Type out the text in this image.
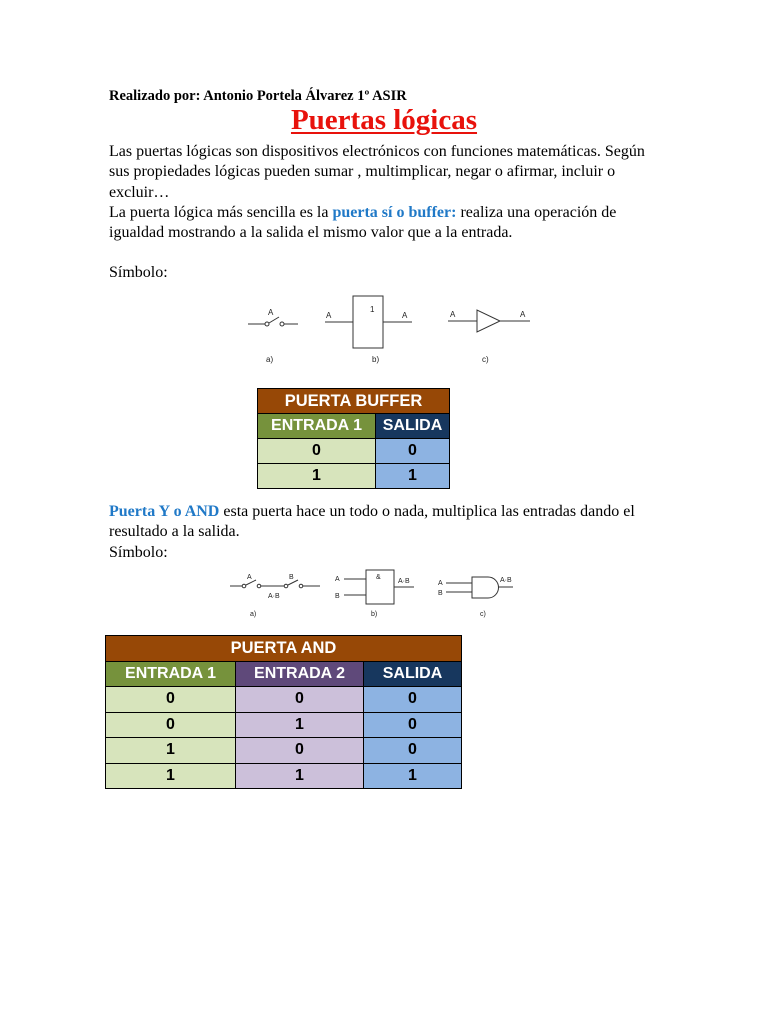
Realizado por: Antonio Portela Álvarez 1º ASIR
Puertas lógicas

Las puertas lógicas son dispositivos electrónicos con funciones matemáticas. Según sus propiedades lógicas pueden sumar , multimplicar, negar o afirmar, incluir o excluir…

La puerta lógica más sencilla es la puerta sí o buffer: realiza una operación de igualdad mostrando a la salida el mismo valor que a la entrada.

Símbolo:

A	A
1
A	A	A
a)	b)	c)
PUERTA BUFFER	
ENTRADA 1	SALIDA
0	0
1	1

Puerta Y o AND esta puerta hace un todo o nada, multiplica las entradas dando el resultado a la salida.

Símbolo:

A	B
A·B
A
B
&
A·B	A
B
A·B
a)	b)	c)
PUERTA AND		
ENTRADA 1	ENTRADA 2	SALIDA
0	0	0
0	1	0
1	0	0
1	1	1
